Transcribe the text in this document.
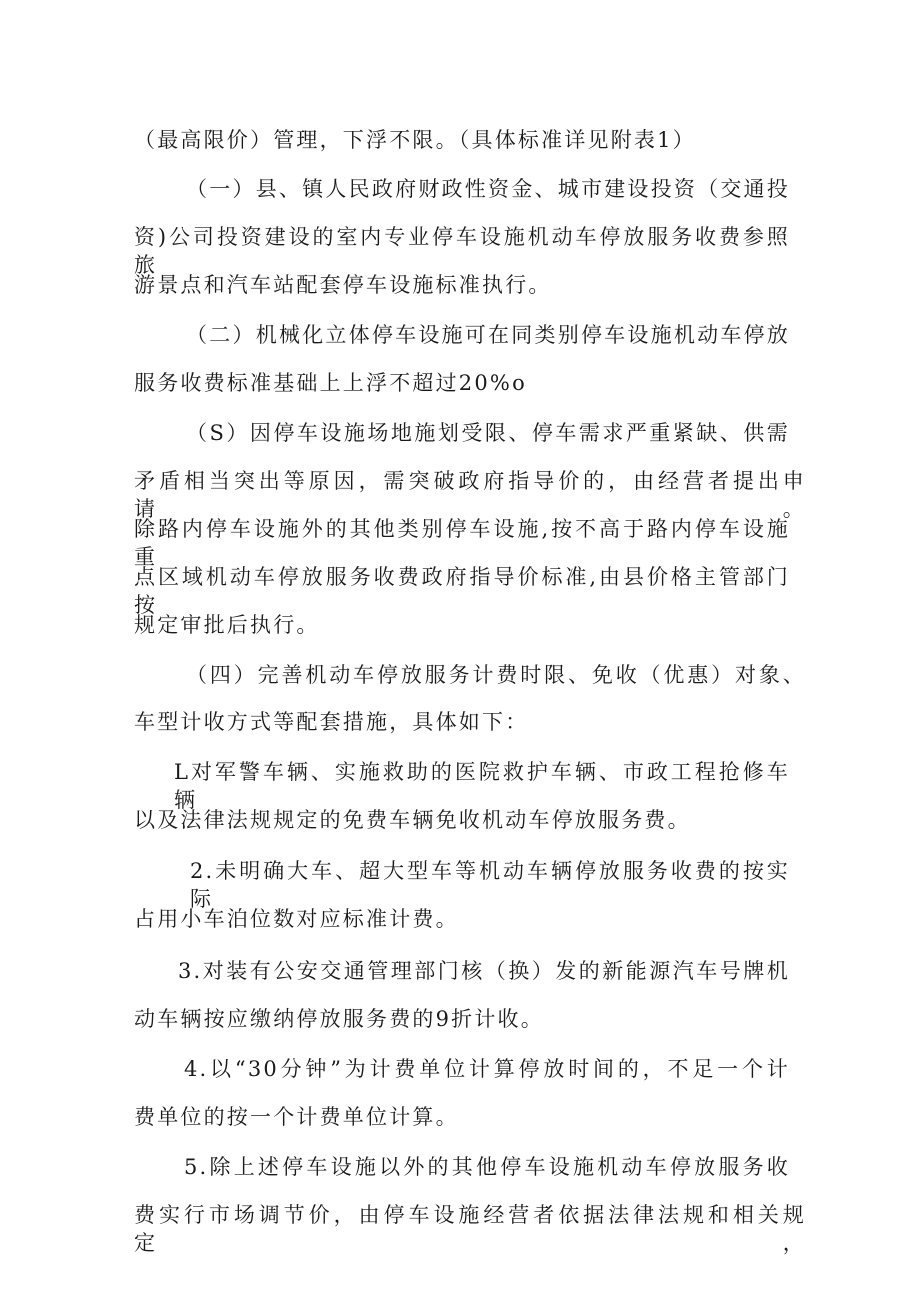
（最高限价）管理，下浮不限。（具体标准详见附表1）

（一）县、镇人民政府财政性资金、城市建设投资（交通投

资)公司投资建设的室内专业停车设施机动车停放服务收费参照旅

游景点和汽车站配套停车设施标准执行。

（二）机械化立体停车设施可在同类别停车设施机动车停放

服务收费标准基础上上浮不超过20%o

（S）因停车设施场地施划受限、停车需求严重紧缺、供需

矛盾相当突出等原因，需突破政府指导价的，由经营者提出申请。

除路内停车设施外的其他类别停车设施,按不高于路内停车设施重

点区域机动车停放服务收费政府指导价标准,由县价格主管部门按

规定审批后执行。

（四）完善机动车停放服务计费时限、免收（优惠）对象、

车型计收方式等配套措施，具体如下：

L对军警车辆、实施救助的医院救护车辆、市政工程抢修车辆

以及法律法规规定的免费车辆免收机动车停放服务费。

2.未明确大车、超大型车等机动车辆停放服务收费的按实际

占用小车泊位数对应标准计费。

3.对装有公安交通管理部门核（换）发的新能源汽车号牌机

动车辆按应缴纳停放服务费的9折计收。

4.以“30分钟”为计费单位计算停放时间的，不足一个计

费单位的按一个计费单位计算。

5.除上述停车设施以外的其他停车设施机动车停放服务收

费实行市场调节价，由停车设施经营者依据法律法规和相关规定，
